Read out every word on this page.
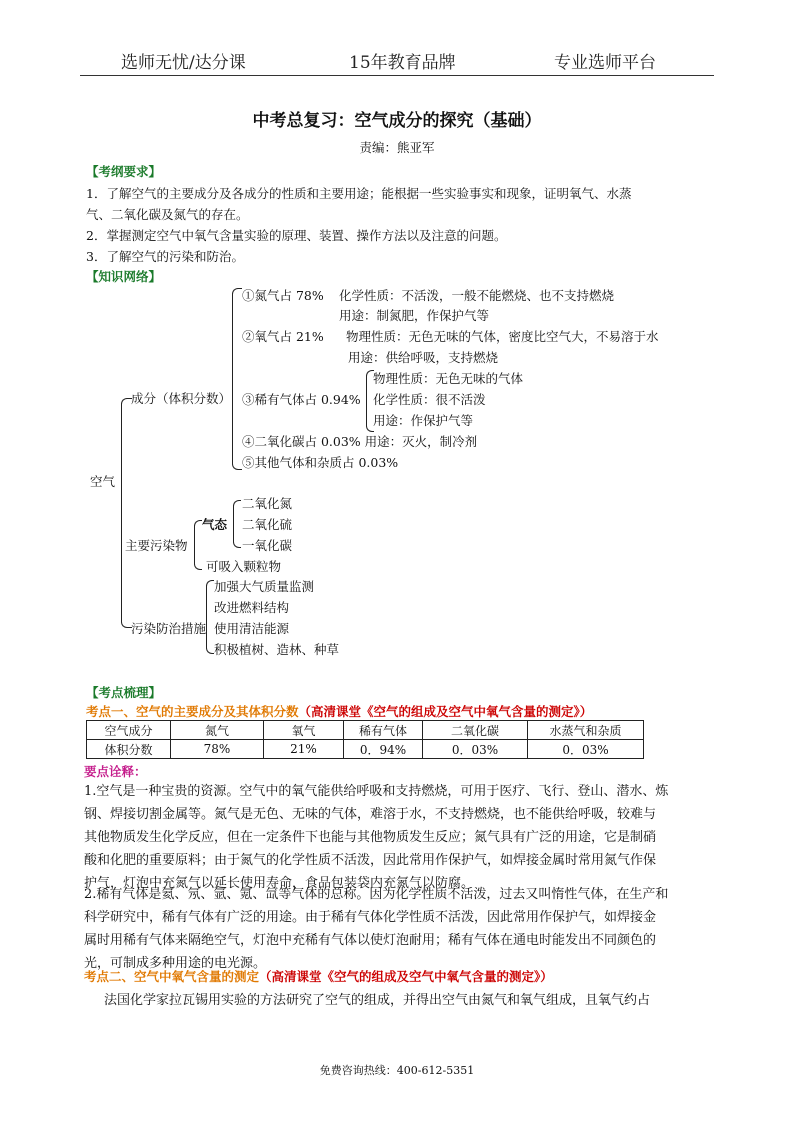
选师无忧/达分课	15年教育品牌	专业选师平台
中考总复习：空气成分的探究（基础）
责编：熊亚军
【考纲要求】
1．了解空气的主要成分及各成分的性质和主要用途；能根据一些实验事实和现象，证明氧气、水蒸
气、二氧化碳及氮气的存在。
2．掌握测定空气中氧气含量实验的原理、装置、操作方法以及注意的问题。
3．了解空气的污染和防治。
【知识网络】
空气
成分（体积分数）
①氮气占 78% 化学性质：不活泼，一般不能燃烧、也不支持燃烧
用途：制氮肥，作保护气等
②氧气占 21% 物理性质：无色无味的气体，密度比空气大，不易溶于水
用途：供给呼吸，支持燃烧
③稀有气体占 0.94%
物理性质：无色无味的气体
化学性质：很不活泼
用途：作保护气等
④二氧化碳占 0.03% 用途：灭火，制冷剂
⑤其他气体和杂质占 0.03%
主要污染物
气态
二氧化氮
二氧化硫
一氧化碳
可吸入颗粒物
污染防治措施
加强大气质量监测
改进燃料结构
使用清洁能源
积极植树、造林、种草
【考点梳理】
考点一、空气的主要成分及其体积分数（高清课堂《空气的组成及空气中氧气含量的测定》）
空气成分	氮气	氧气	稀有气体	二氧化碳	水蒸气和杂质
体积分数	78%	21%	0．94%	0．03%	0．03%
要点诠释：
1.空气是一种宝贵的资源。空气中的氧气能供给呼吸和支持燃烧，可用于医疗、飞行、登山、潜水、炼
钢、焊接切割金属等。氮气是无色、无味的气体，难溶于水，不支持燃烧，也不能供给呼吸，较难与
其他物质发生化学反应，但在一定条件下也能与其他物质发生反应；氮气具有广泛的用途，它是制硝
酸和化肥的重要原料；由于氮气的化学性质不活泼，因此常用作保护气，如焊接金属时常用氮气作保
护气，灯泡中充氮气以延长使用寿命，食品包装袋内充氮气以防腐。
2.稀有气体是氦、氖、氩、氪、氙等气体的总称。因为化学性质不活泼，过去又叫惰性气体，在生产和
科学研究中，稀有气体有广泛的用途。由于稀有气体化学性质不活泼，因此常用作保护气，如焊接金
属时用稀有气体来隔绝空气，灯泡中充稀有气体以使灯泡耐用；稀有气体在通电时能发出不同颜色的
光，可制成多种用途的电光源。
考点二、空气中氧气含量的测定（高清课堂《空气的组成及空气中氧气含量的测定》）
法国化学家拉瓦锡用实验的方法研究了空气的组成，并得出空气由氮气和氧气组成，且氧气约占
免费咨询热线：400-612-5351
